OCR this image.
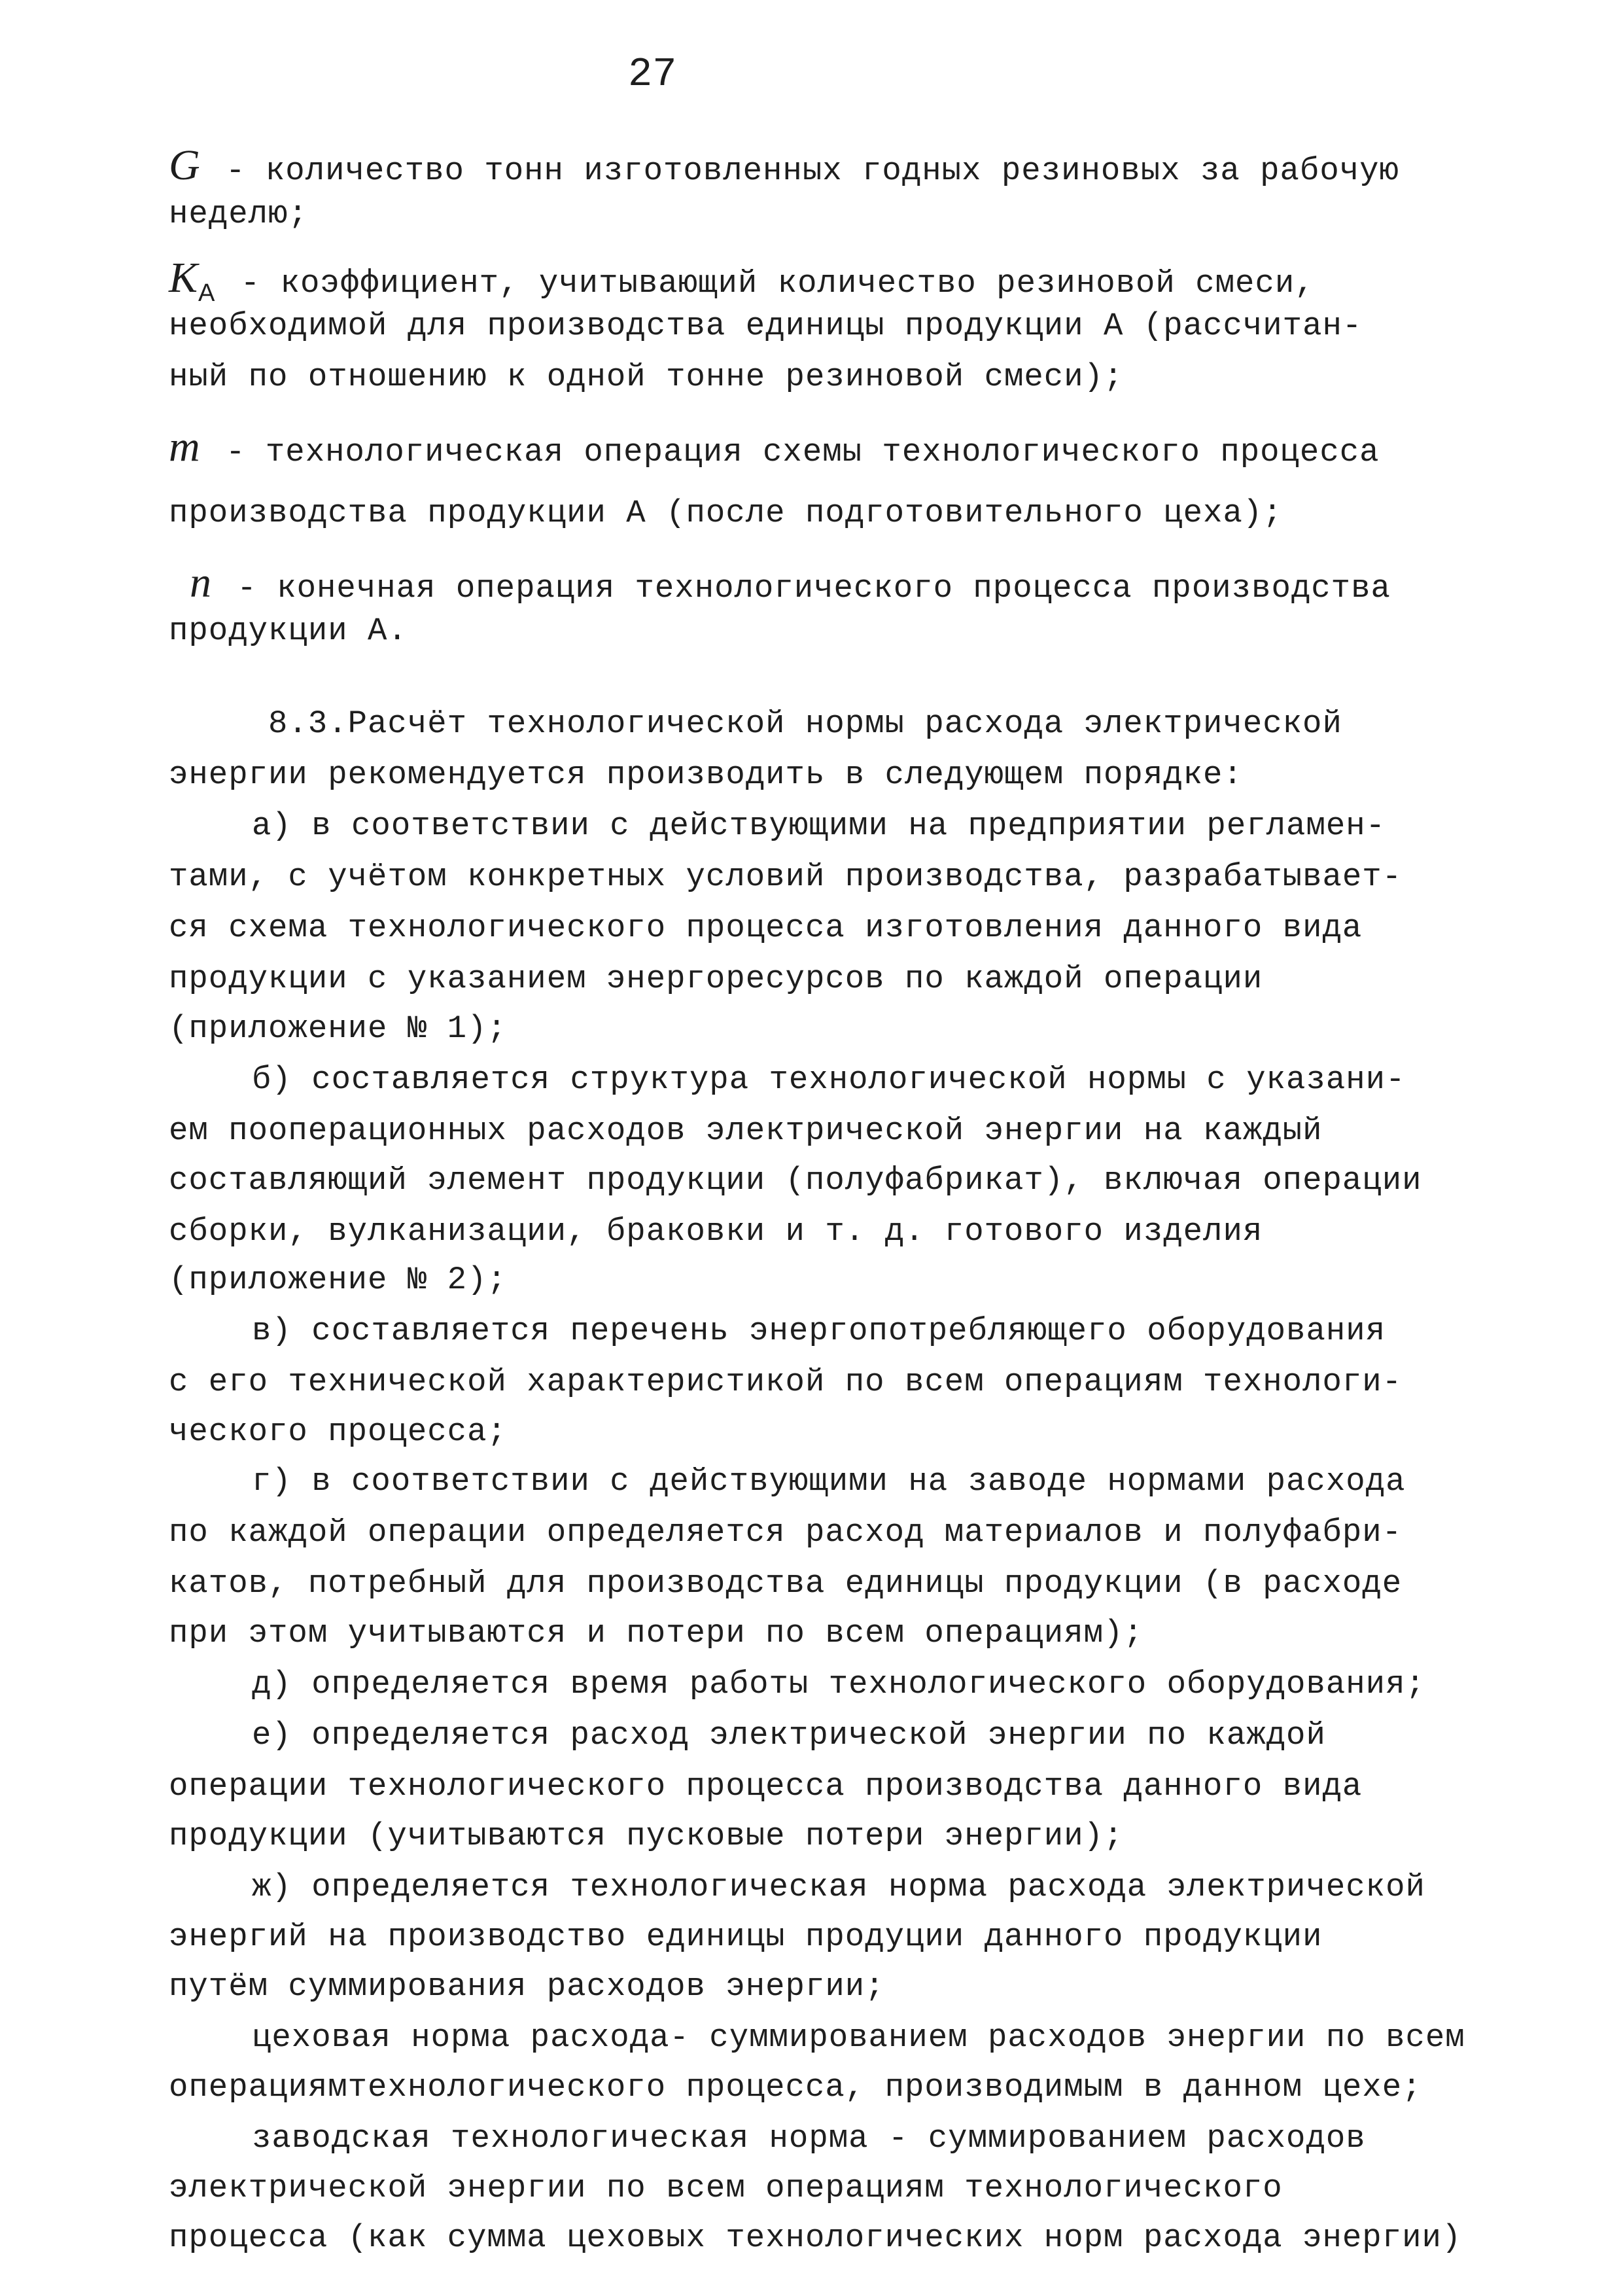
27
G - количество тонн изготовленных годных резиновых за рабочую
неделю;
$K_A$ - коэффициент, учитывающий количество резиновой смеси,
необходимой для производства единицы продукции А (рассчитан-
ный по отношению к одной тонне резиновой смеси);
m - технологическая операция схемы технологического процесса
производства продукции А (после подготовительного цеха);
n - конечная операция технологического процесса производства
продукции А.
8.3.Расчёт технологической нормы расхода электрической
энергии рекомендуется производить в следующем порядке:
а) в соответствии с действующими на предприятии регламен-
тами, с учётом конкретных условий производства, разрабатывает-
ся схема технологического процесса изготовления данного вида
продукции с указанием энергоресурсов по каждой операции
(приложение № 1);
б) составляется структура технологической нормы с указани-
ем пооперационных расходов электрической энергии на каждый
составляющий элемент продукции (полуфабрикат), включая операции
сборки, вулканизации, браковки и т. д. готового изделия
(приложение № 2);
в) составляется перечень энергопотребляющего оборудования
с его технической характеристикой по всем операциям технологи-
ческого процесса;
г) в соответствии с действующими на заводе нормами расхода
по каждой операции определяется расход материалов и полуфабри-
катов, потребный для производства единицы продукции (в расходе
при этом учитываются и потери по всем операциям);
д) определяется время работы технологического оборудования;
е) определяется расход электрической энергии по каждой
операции технологического процесса производства данного вида
продукции (учитываются пусковые потери энергии);
ж) определяется технологическая норма расхода электрической
энергий на производство единицы продуции данного продукции
путём суммирования расходов энергии;
цеховая норма расхода- суммированием расходов энергии по всем
операциямтехнологического процесса, производимым в данном цехе;
заводская технологическая норма - суммированием расходов
электрической энергии по всем операциям технологического
процесса (как сумма цеховых технологических норм расхода энергии)
